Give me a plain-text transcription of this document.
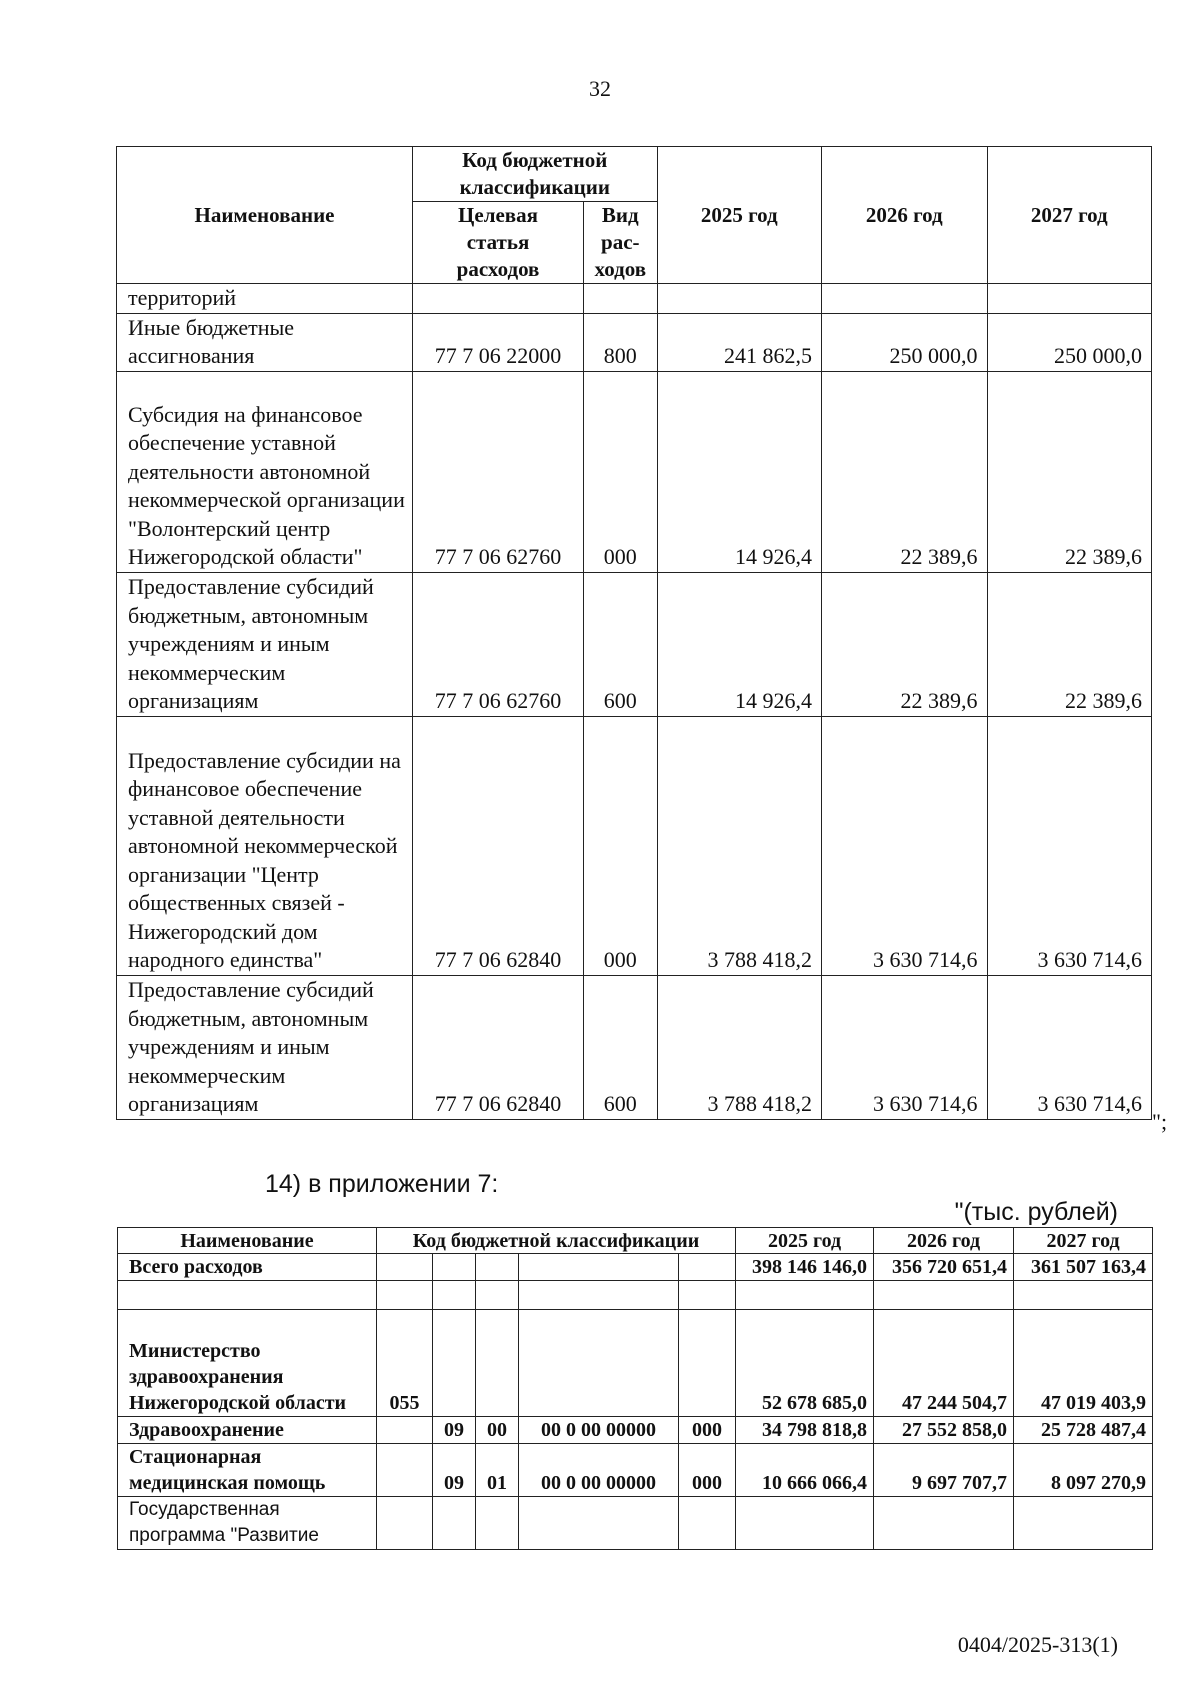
32
Наименование	Код бюджетной классификации		2025 год	2026 год	2027 год
	Целевая статья расходов	Вид рас-ходов			
территорий					
Иные бюджетные ассигнования	77 7 06 22000	800	241 862,5	250 000,0	250 000,0
Субсидия на финансовое обеспечение уставной деятельности автономной некоммерческой организации "Волонтерский центр Нижегородской области"	77 7 06 62760	000	14 926,4	22 389,6	22 389,6
Предоставление субсидий бюджетным, автономным учреждениям и иным некоммерческим организациям	77 7 06 62760	600	14 926,4	22 389,6	22 389,6
Предоставление субсидии на финансовое обеспечение уставной деятельности автономной некоммерческой организации "Центр общественных связей - Нижегородский дом народного единства"	77 7 06 62840	000	3 788 418,2	3 630 714,6	3 630 714,6
Предоставление субсидий бюджетным, автономным учреждениям и иным некоммерческим организациям	77 7 06 62840	600	3 788 418,2	3 630 714,6	3 630 714,6
";
14) в приложении 7:
"(тыс. рублей)
Наименование	Код бюджетной классификации					2025 год	2026 год	2027 год
Всего расходов						398 146 146,0	356 720 651,4	361 507 163,4

Министерство здравоохранения Нижегородской области	055					52 678 685,0	47 244 504,7	47 019 403,9
Здравоохранение		09	00	00 0 00 00000	000	34 798 818,8	27 552 858,0	25 728 487,4
Стационарная медицинская помощь		09	01	00 0 00 00000	000	10 666 066,4	9 697 707,7	8 097 270,9
Государственная программа "Развитие								
0404/2025-313(1)
